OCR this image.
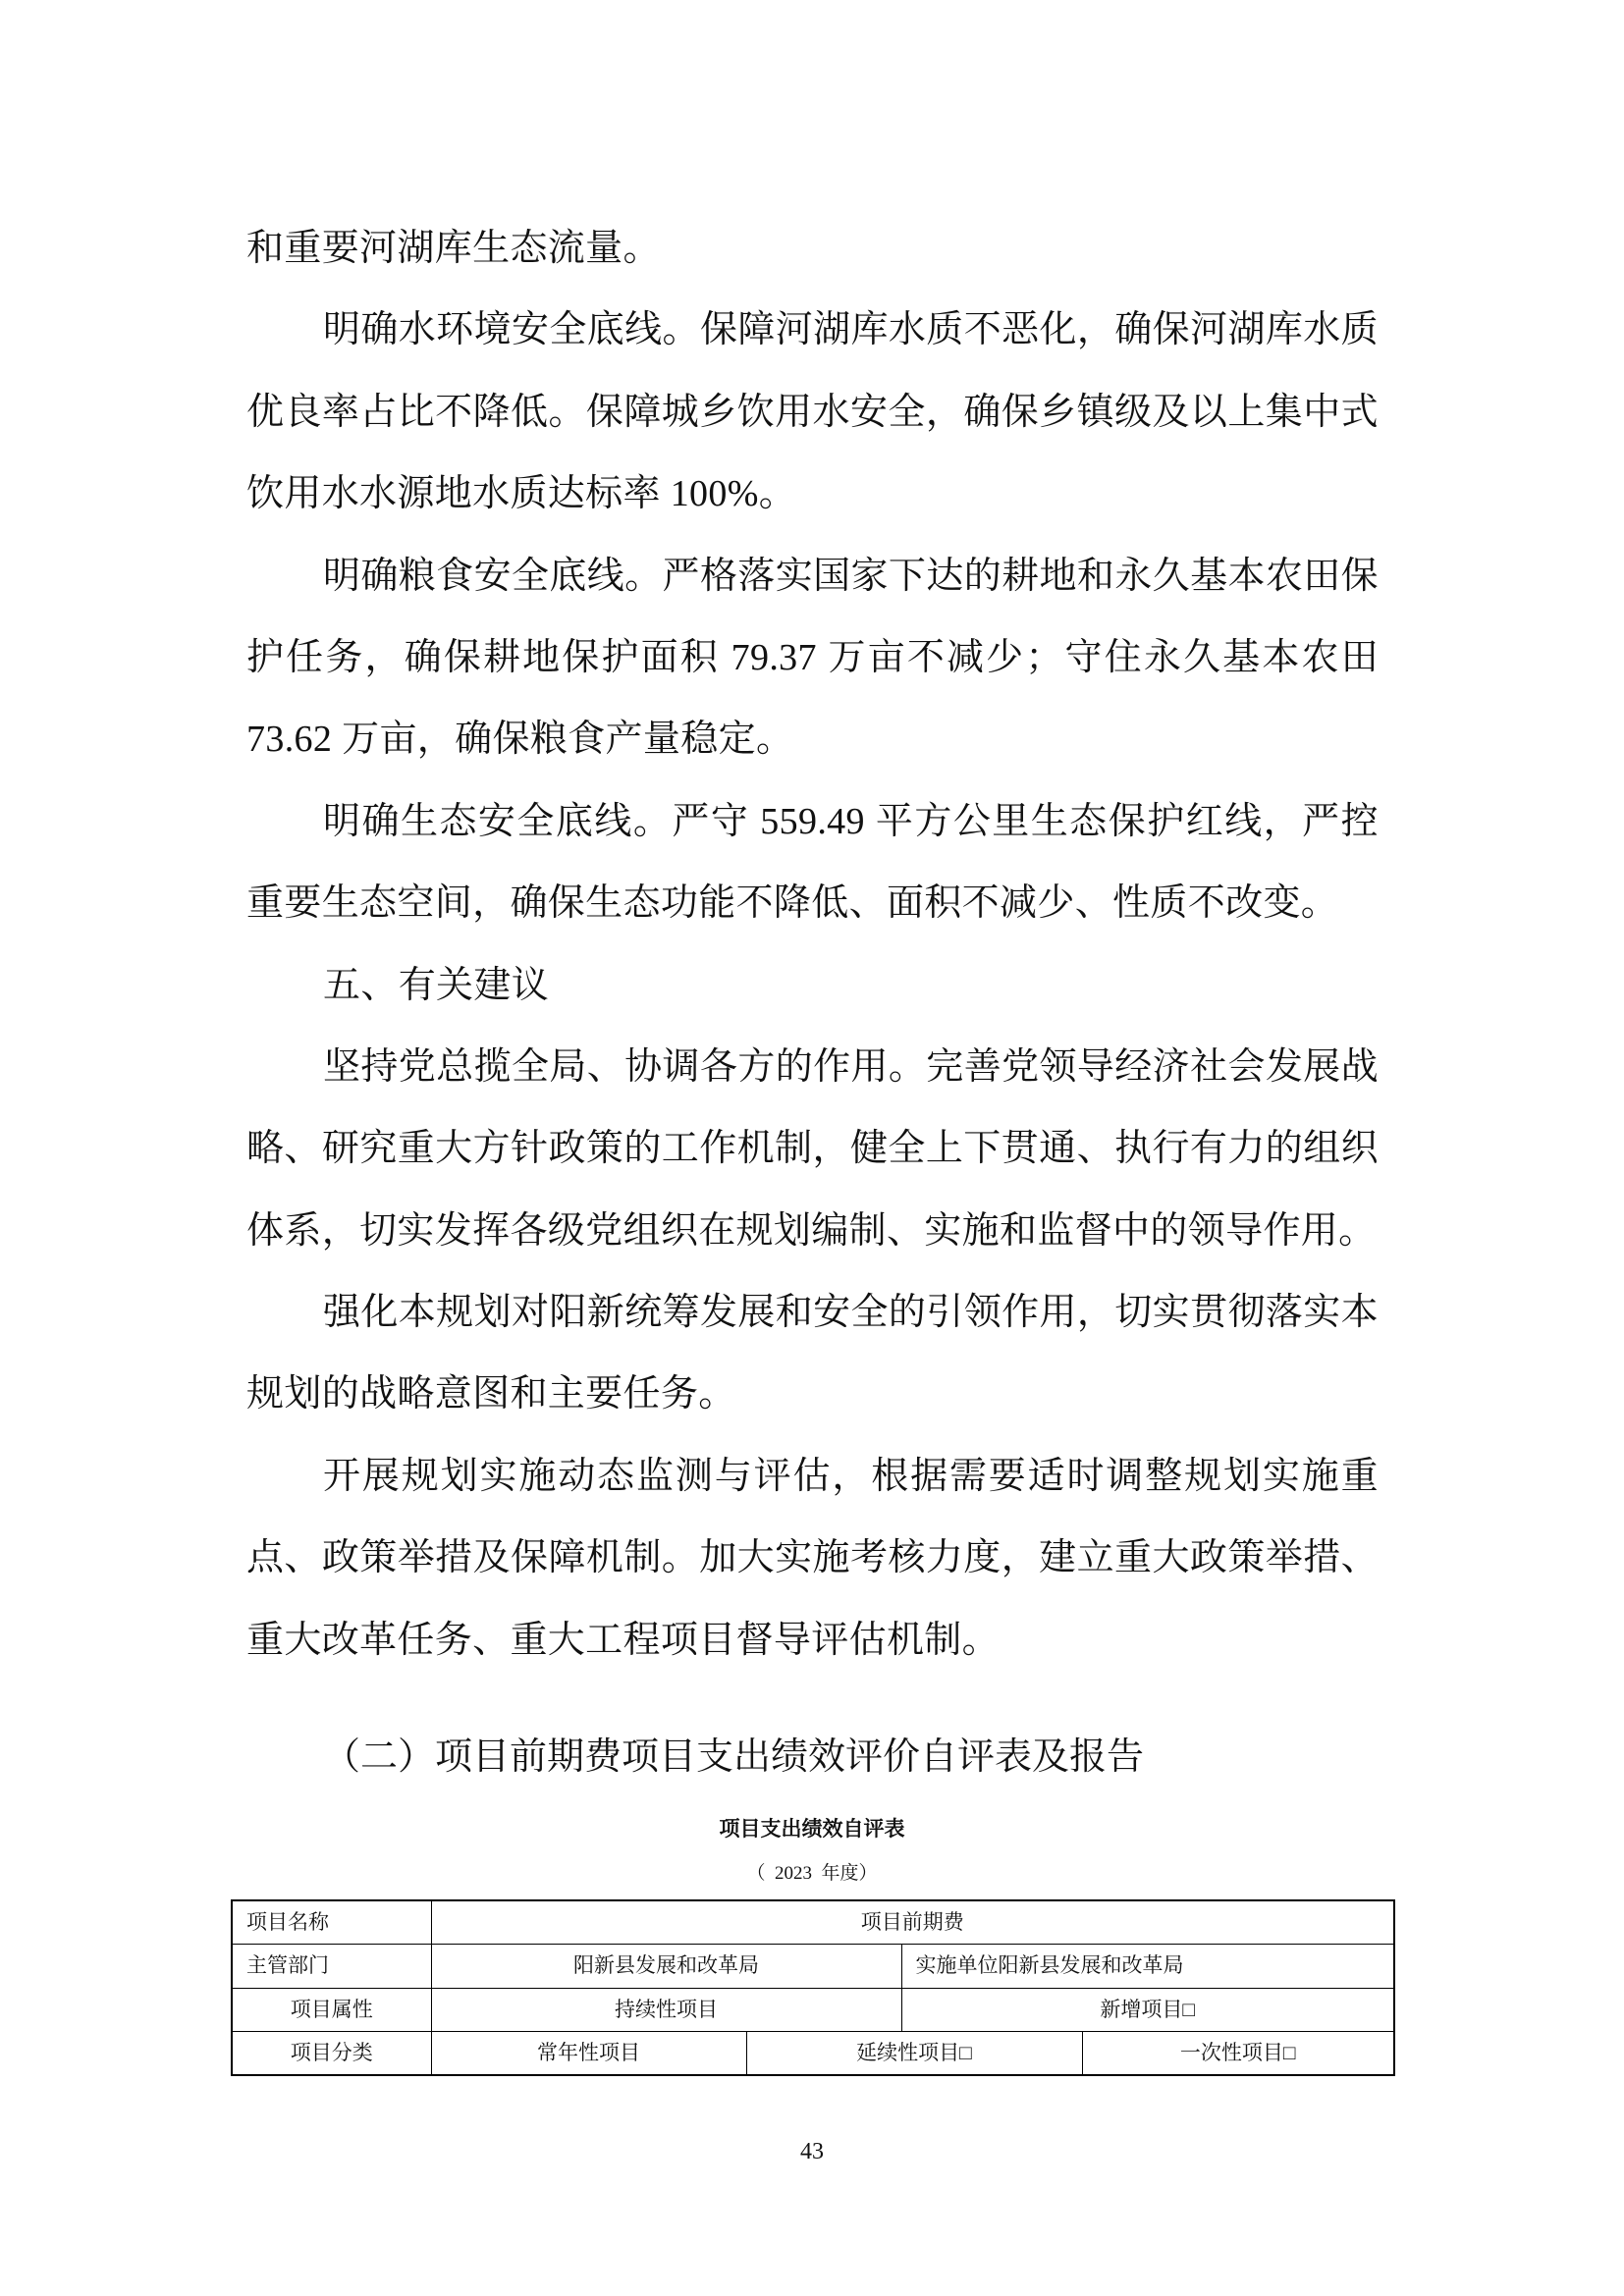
和重要河湖库生态流量。
明确水环境安全底线。保障河湖库水质不恶化，确保河湖库水质
优良率占比不降低。保障城乡饮用水安全，确保乡镇级及以上集中式
饮用水水源地水质达标率 100%。
明确粮食安全底线。严格落实国家下达的耕地和永久基本农田保
护任务，确保耕地保护面积 79.37 万亩不减少；守住永久基本农田
73.62 万亩，确保粮食产量稳定。
明确生态安全底线。严守 559.49 平方公里生态保护红线，严控
重要生态空间，确保生态功能不降低、面积不减少、性质不改变。
五、有关建议
坚持党总揽全局、协调各方的作用。完善党领导经济社会发展战
略、研究重大方针政策的工作机制，健全上下贯通、执行有力的组织
体系，切实发挥各级党组织在规划编制、实施和监督中的领导作用。
强化本规划对阳新统筹发展和安全的引领作用，切实贯彻落实本
规划的战略意图和主要任务。
开展规划实施动态监测与评估，根据需要适时调整规划实施重
点、政策举措及保障机制。加大实施考核力度，建立重大政策举措、
重大改革任务、重大工程项目督导评估机制。
（二）项目前期费项目支出绩效评价自评表及报告
项目支出绩效自评表
（  2023  年度）
项目名称	项目前期费			
主管部门	阳新县发展和改革局		实施单位阳新县发展和改革局	
项目属性	持续性项目		新增项目□	
项目分类	常年性项目	延续性项目□		一次性项目□
43
